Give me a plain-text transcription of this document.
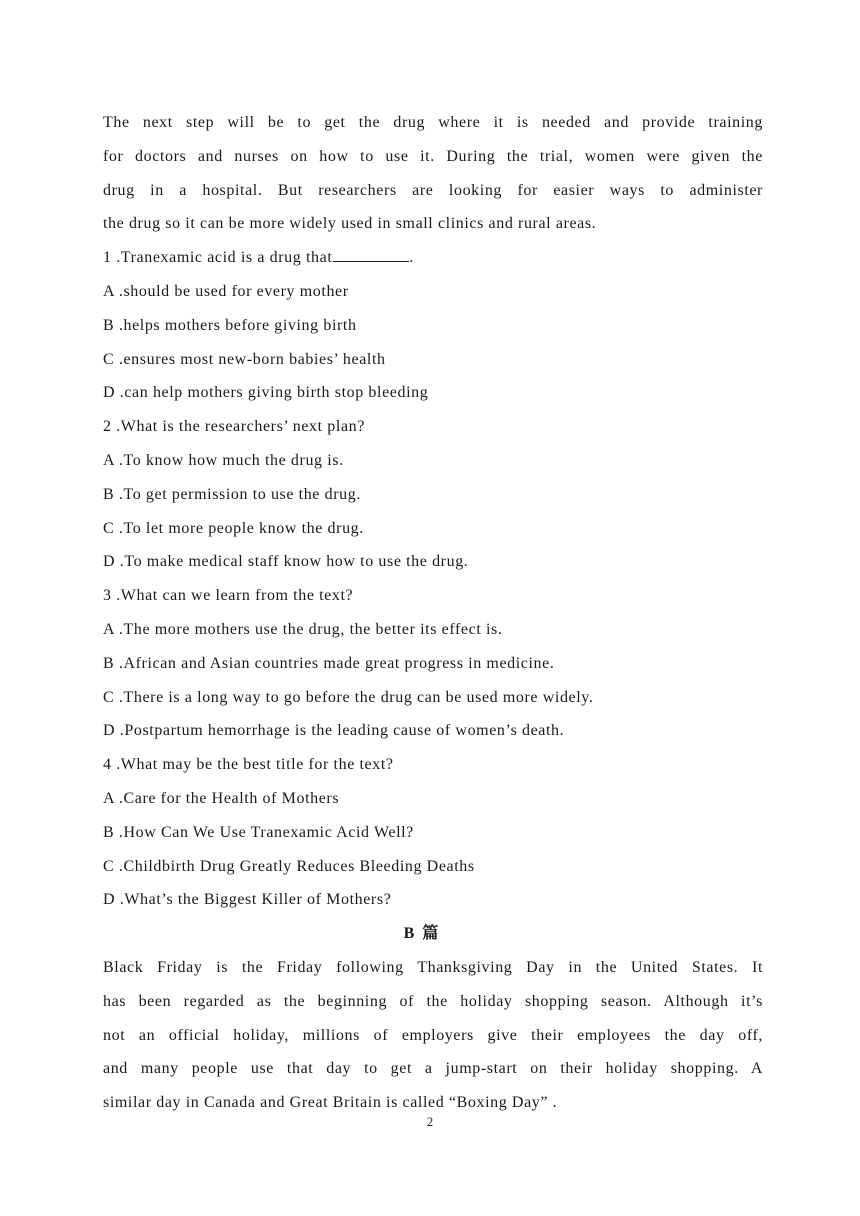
The next step will be to get the drug where it is needed and provide training
for doctors and nurses on how to use it. During the trial, women were given the
drug in a hospital. But researchers are looking for easier ways to administer
the drug so it can be more widely used in small clinics and rural areas.
1 .Tranexamic acid is a drug that	.
A .should be used for every mother
B .helps mothers before giving birth
C .ensures most new-born babies’ health
D .can help mothers giving birth stop bleeding
2 .What is the researchers’ next plan?
A .To know how much the drug is.
B .To get permission to use the drug.
C .To let more people know the drug.
D .To make medical staff know how to use the drug.
3 .What can we learn from the text?
A .The more mothers use the drug, the better its effect is.
B .African and Asian countries made great progress in medicine.
C .There is a long way to go before the drug can be used more widely.
D .Postpartum hemorrhage is the leading cause of women’s death.
4 .What may be the best title for the text?
A .Care for the Health of Mothers
B .How Can We Use Tranexamic Acid Well?
C .Childbirth Drug Greatly Reduces Bleeding Deaths
D .What’s the Biggest Killer of Mothers?
B 篇
Black Friday is the Friday following Thanksgiving Day in the United States. It
has been regarded as the beginning of the holiday shopping season. Although it’s
not an official holiday, millions of employers give their employees the day off,
and many people use that day to get a jump-start on their holiday shopping. A
similar day in Canada and Great Britain is called “Boxing Day” .
2
